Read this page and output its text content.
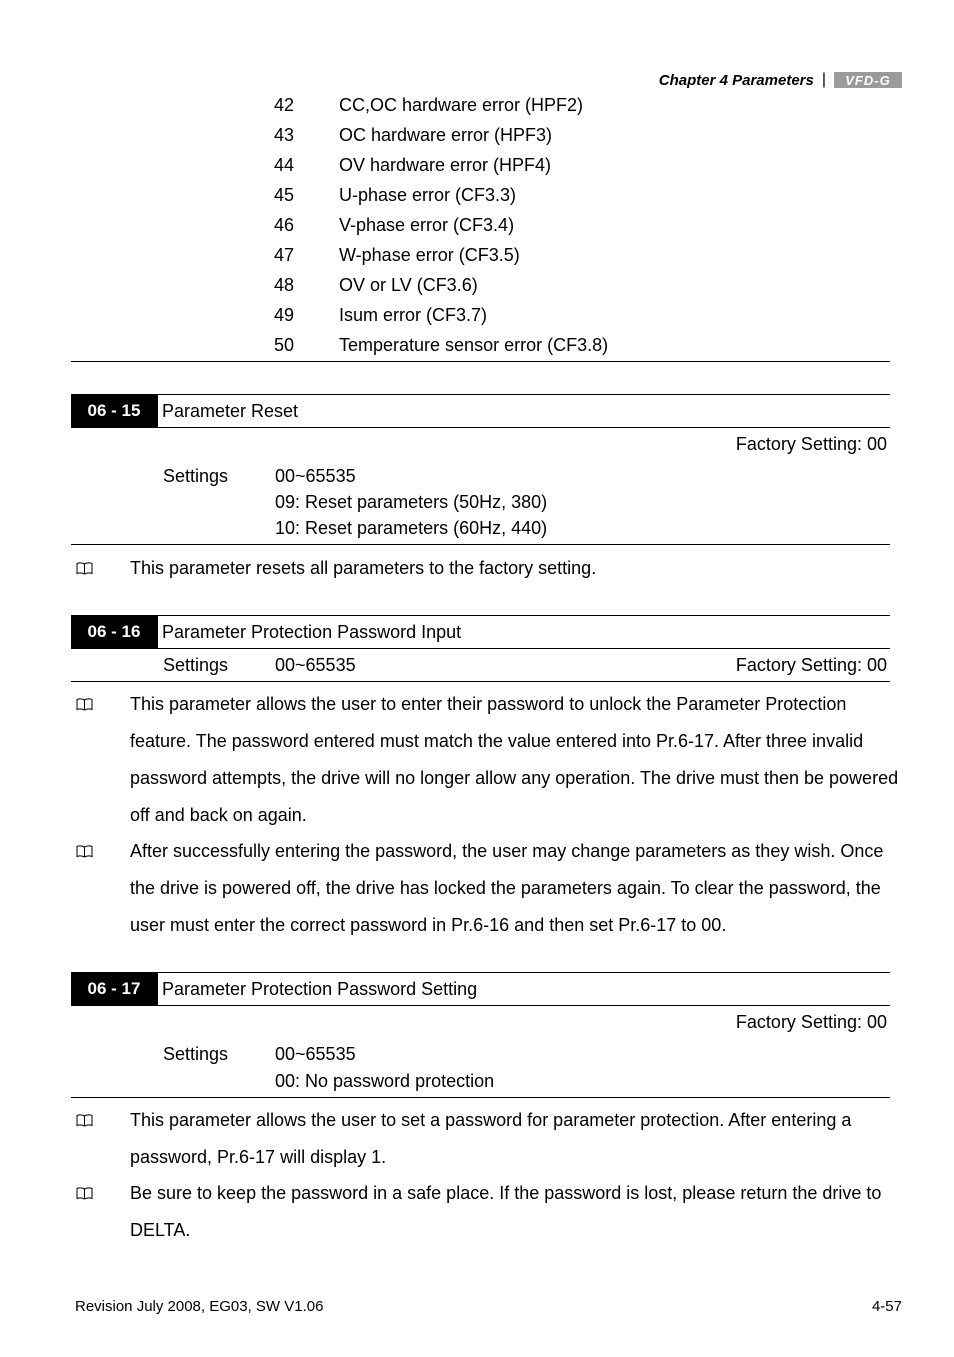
Chapter 4 Parameters |	VFD-G
42 CC,OC hardware error (HPF2)
43 OC hardware error (HPF3)
44 OV hardware error (HPF4)
45 U-phase error (CF3.3)
46 V-phase error (CF3.4)
47 W-phase error (CF3.5)
48 OV or LV (CF3.6)
49 Isum error (CF3.7)
50 Temperature sensor error (CF3.8)
06 - 15	Parameter Reset
Factory Setting: 00
Settings	00~65535
09: Reset parameters (50Hz, 380)
10: Reset parameters (60Hz, 440)
This parameter resets all parameters to the factory setting.
06 - 16	Parameter Protection Password Input
Settings	00~65535	Factory Setting: 00
This parameter allows the user to enter their password to unlock the Parameter Protection feature. The password entered must match the value entered into Pr.6-17. After three invalid password attempts, the drive will no longer allow any operation. The drive must then be powered off and back on again.
After successfully entering the password, the user may change parameters as they wish. Once the drive is powered off, the drive has locked the parameters again. To clear the password, the user must enter the correct password in Pr.6-16 and then set Pr.6-17 to 00.
06 - 17	Parameter Protection Password Setting
Factory Setting: 00
Settings	00~65535
00: No password protection
This parameter allows the user to set a password for parameter protection. After entering a password, Pr.6-17 will display 1.
Be sure to keep the password in a safe place. If the password is lost, please return the drive to DELTA.
Revision July 2008, EG03, SW V1.06	4-57
